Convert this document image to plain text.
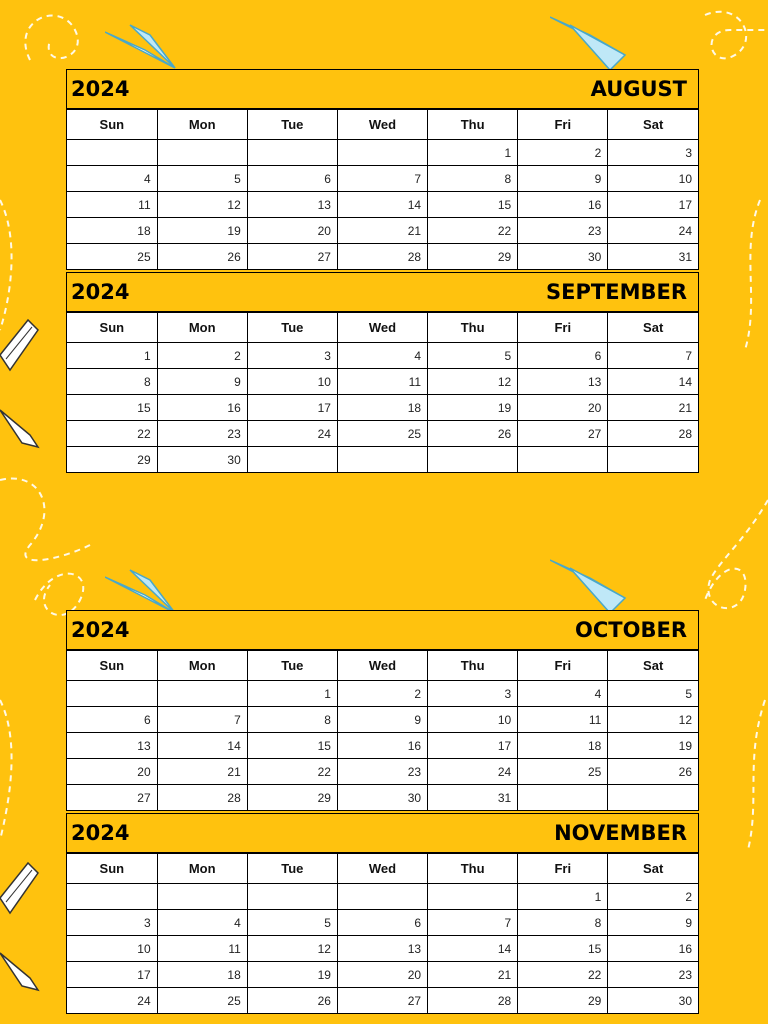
2024	AUGUST
Sun	Mon	Tue	Wed	Thu	Fri	Sat
				1	2	3
4	5	6	7	8	9	10
11	12	13	14	15	16	17
18	19	20	21	22	23	24
25	26	27	28	29	30	31
2024	SEPTEMBER
Sun	Mon	Tue	Wed	Thu	Fri	Sat
1	2	3	4	5	6	7
8	9	10	11	12	13	14
15	16	17	18	19	20	21
22	23	24	25	26	27	28
29	30					
2024	OCTOBER
Sun	Mon	Tue	Wed	Thu	Fri	Sat
		1	2	3	4	5
6	7	8	9	10	11	12
13	14	15	16	17	18	19
20	21	22	23	24	25	26
27	28	29	30	31		
2024	NOVEMBER
Sun	Mon	Tue	Wed	Thu	Fri	Sat
					1	2
3	4	5	6	7	8	9
10	11	12	13	14	15	16
17	18	19	20	21	22	23
24	25	26	27	28	29	30
